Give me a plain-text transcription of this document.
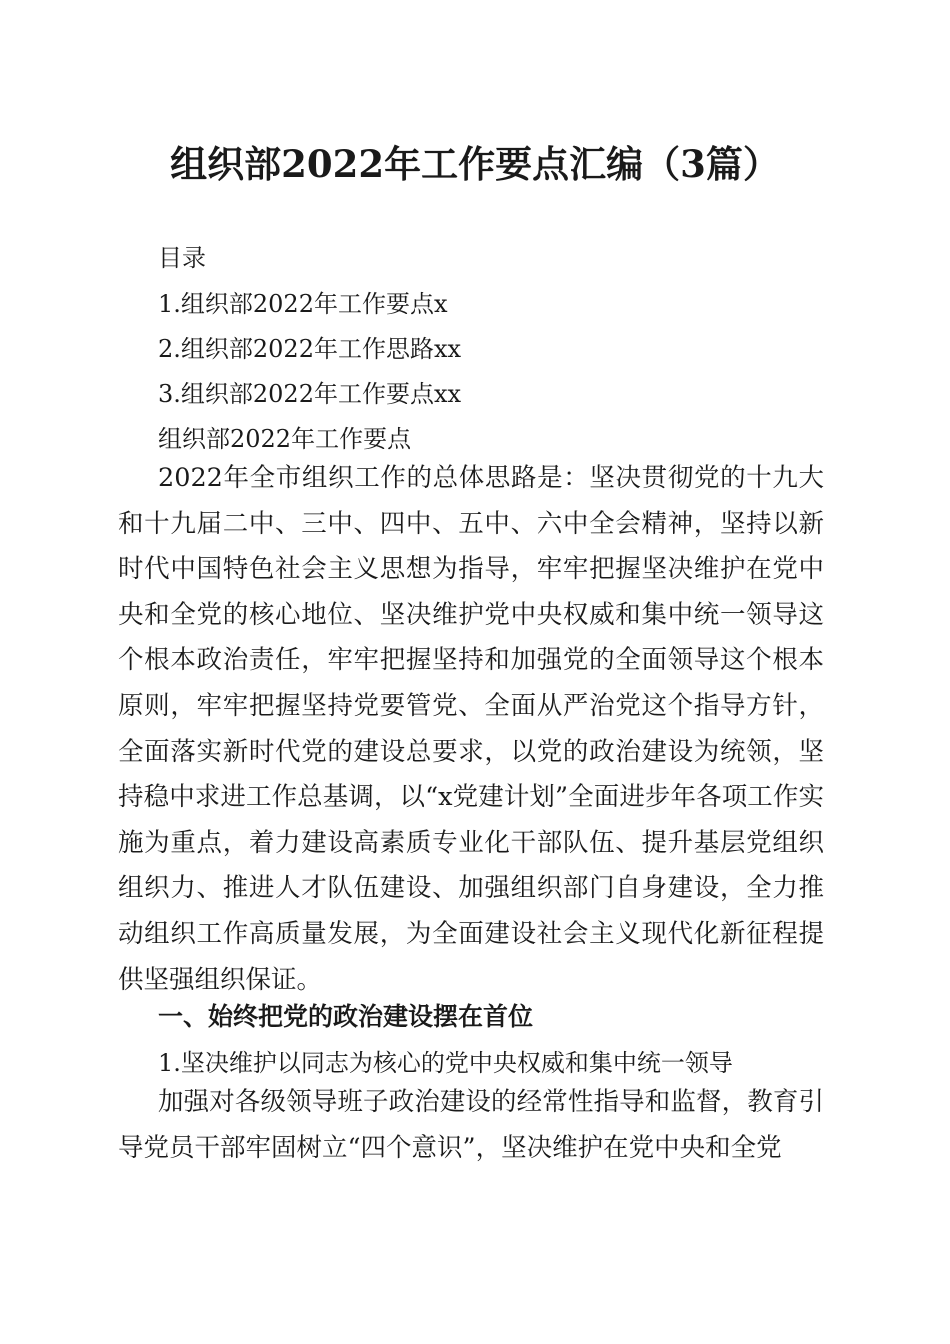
组织部2022年工作要点汇编（3篇）
目录
1.组织部2022年工作要点x
2.组织部2022年工作思路xx
3.组织部2022年工作要点xx
组织部2022年工作要点
2022年全市组织工作的总体思路是：坚决贯彻党的十九大和十九届二中、三中、四中、五中、六中全会精神，坚持以新时代中国特色社会主义思想为指导，牢牢把握坚决维护在党中央和全党的核心地位、坚决维护党中央权威和集中统一领导这个根本政治责任，牢牢把握坚持和加强党的全面领导这个根本原则，牢牢把握坚持党要管党、全面从严治党这个指导方针，全面落实新时代党的建设总要求，以党的政治建设为统领，坚持稳中求进工作总基调，以“x党建计划”全面进步年各项工作实施为重点，着力建设高素质专业化干部队伍、提升基层党组织组织力、推进人才队伍建设、加强组织部门自身建设，全力推动组织工作高质量发展，为全面建设社会主义现代化新征程提供坚强组织保证。
一、始终把党的政治建设摆在首位
1.坚决维护以同志为核心的党中央权威和集中统一领导
加强对各级领导班子政治建设的经常性指导和监督，教育引导党员干部牢固树立“四个意识”，坚决维护在党中央和全党
